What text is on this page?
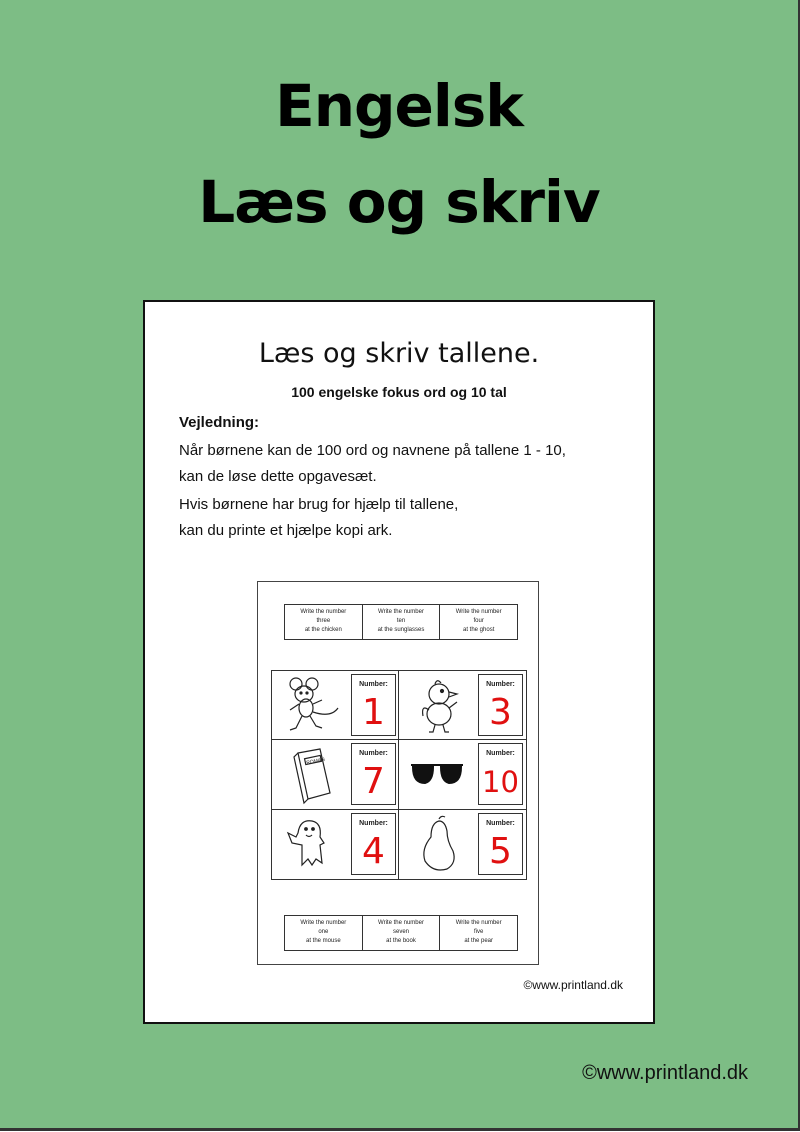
Engelsk
Læs og skriv
Læs og skriv tallene.
100 engelske fokus ord og 10 tal
Vejledning:
Når børnene kan de 100 ord og navnene på tallene 1 - 10,
kan de løse dette opgavesæt.
Hvis børnene har brug for hjælp til tallene,
kan du printe et hjælpe kopi ark.
Write the number
three
at the chicken
Write the number
ten
at the sunglasses
Write the number
four
at the ghost
Number:
1
Number:
3
ROMAN
Number:
7
Number:
10
Number:
4
Number:
5
Write the number
one
at the mouse
Write the number
seven
at the book
Write the number
five
at the pear
©www.printland.dk
©www.printland.dk
